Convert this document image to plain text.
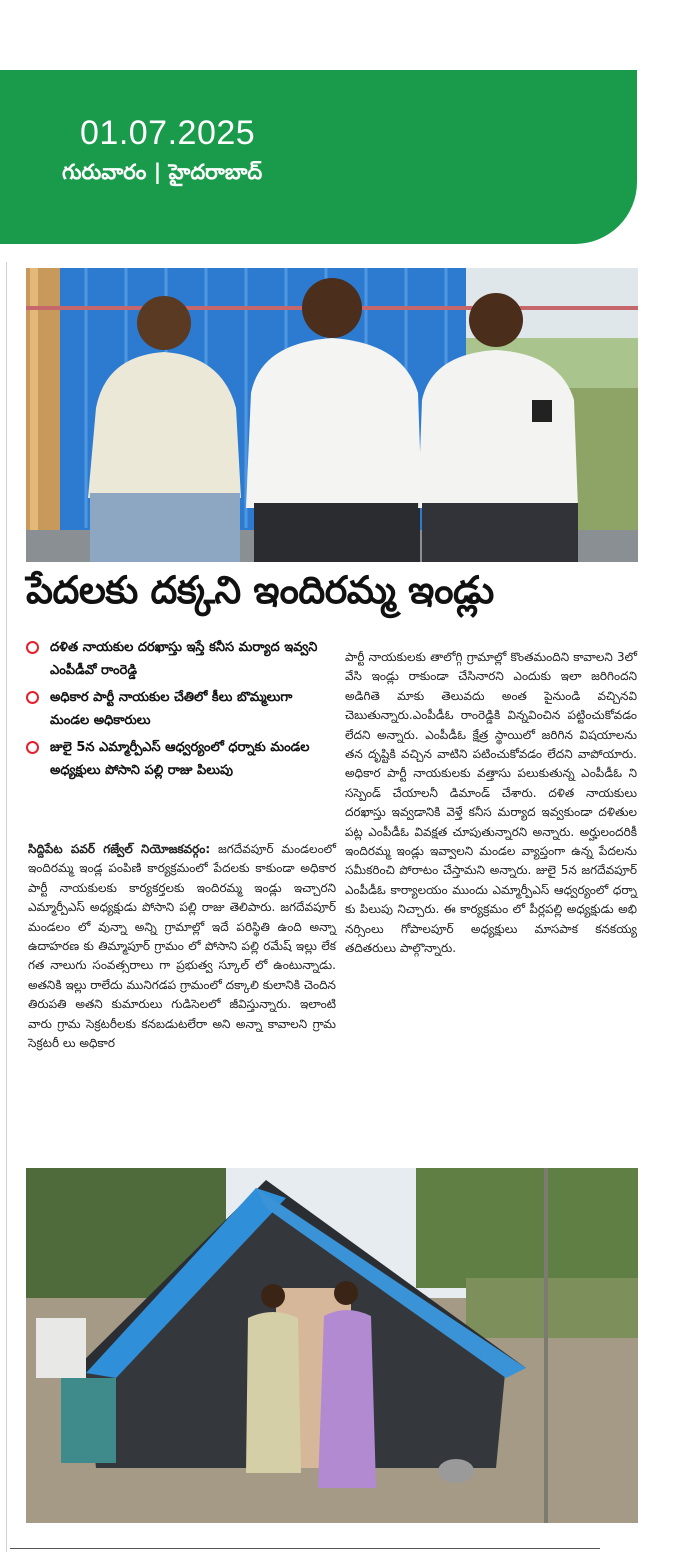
01.07.2025
గురువారం | హైదరాబాద్
పేదలకు దక్కని ఇందిరమ్మ ఇండ్లు
దళిత నాయకుల దరఖాస్తు ఇస్తే కనీస మర్యాద ఇవ్వని ఎంపీడీవో రాంరెడ్డి
అధికార పార్టీ నాయకుల చేతిలో కీలు బొమ్మలుగా మండల అధికారులు
జులై 5న ఎమ్మార్పీఎస్ ఆధ్వర్యంలో ధర్నాకు మండల అధ్యక్షులు పోసాని పల్లి రాజు పిలుపు
సిద్దిపేట పవర్ గజ్వేల్ నియోజకవర్గం: జగదేవపూర్ మండలంలో ఇందిరమ్మ ఇండ్ల పంపిణి కార్యక్రమంలో పేదలకు కాకుండా అధికార పార్టీ నాయకులకు కార్యకర్తలకు ఇందిరమ్మ ఇండ్లు ఇచ్చారని ఎమ్మార్పీఎస్ అధ్యక్షుడు పోసాని పల్లి రాజు తెలిపారు. జగదేవపూర్ మండలం లో వున్నా అన్ని గ్రామాల్లో ఇదే పరిస్థితి ఉంది అన్నా ఉదాహరణ కు తిమ్మాపూర్ గ్రామం లో పోసాని పల్లి రమేష్ ఇల్లు లేక గత నాలుగు సంవత్సరాలు గా ప్రభుత్వ స్కూల్ లో ఉంటున్నాడు. అతనికి ఇల్లు రాలేదు మునిగడప గ్రామంలో దక్కాలి కులానికి చెందిన తిరుపతి అతని కుమారులు గుడిసెలలో జీవిస్తున్నారు. ఇలాంటి వారు గ్రామ సెక్రటరీలకు కనబడుటలేరా అని అన్నా కావాలని గ్రామ సెక్రటరీ లు అధికార
పార్టీ నాయకులకు తాలోగ్గి గ్రామాల్లో కొంతమందిని కావాలని 3లో వేసి ఇండ్లు రాకుండా చేసినారని ఎందుకు ఇలా జరిగిందని అడిగితె మాకు తెలువదు అంత పైనుండి వచ్చినవి చెబుతున్నారు.ఎంపీడీఓ రాంరెడ్డికి విన్నవించిన పట్టించుకోవడం లేదని అన్నారు. ఎంపీడీఓ క్షేత్ర స్థాయిలో జరిగిన విషయాలను తన దృష్టికి వచ్చిన వాటిని పటించుకోవడం లేదని వాపోయారు. అధికార పార్టీ నాయకులకు వత్తాసు పలుకుతున్న ఎంపీడీఓ ని సస్పెండ్ చేయాలనీ డిమాండ్ చేశారు. దళిత నాయకులు దరఖాస్తు ఇవ్వడానికి వెళ్తే కనీస మర్యాద ఇవ్వకుండా దళితుల పట్ల ఎంపీడీఓ వివక్షత చూపుతున్నారని అన్నారు. అర్హులందరికీ ఇందిరమ్మ ఇండ్లు ఇవ్వాలని మండల వ్యాప్తంగా ఉన్న పేదలను సమీకరించి పోరాటం చేస్తామని అన్నారు. జులై 5న జగదేవపూర్ ఎంపీడీఓ కార్యాలయం ముందు ఎమ్మార్పీఎస్ ఆధ్వర్యంలో ధర్నా కు పిలుపు నిచ్చారు. ఈ కార్యక్రమం లో పీర్లపల్లి అధ్యక్షుడు అభి నర్సింలు గోపాలపూర్ అధ్యక్షులు మాసపాక కనకయ్య తదితరులు పాల్గొన్నారు.
